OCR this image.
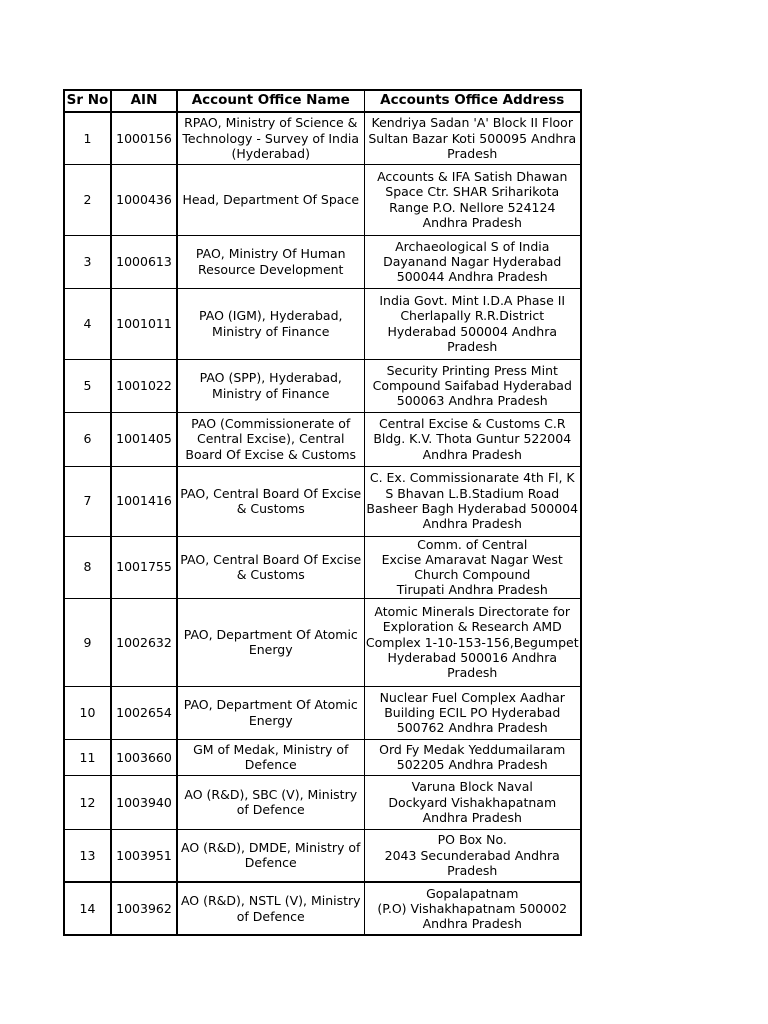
Sr No	AIN	Account Office Name	Accounts Office Address
1	1000156	RPAO, Ministry of Science & Technology - Survey of India (Hyderabad)	Kendriya Sadan 'A' Block II Floor Sultan Bazar Koti 500095 Andhra Pradesh
2	1000436	Head, Department Of Space	Accounts & IFA Satish Dhawan Space Ctr. SHAR Sriharikota Range P.O. Nellore 524124 Andhra Pradesh
3	1000613	PAO, Ministry Of Human Resource Development	Archaeological S of India Dayanand Nagar Hyderabad 500044 Andhra Pradesh
4	1001011	PAO (IGM), Hyderabad, Ministry of Finance	India Govt. Mint I.D.A Phase II Cherlapally R.R.District Hyderabad 500004 Andhra Pradesh
5	1001022	PAO (SPP), Hyderabad, Ministry of Finance	Security Printing Press Mint Compound Saifabad Hyderabad 500063 Andhra Pradesh
6	1001405	PAO (Commissionerate of Central Excise), Central Board Of Excise & Customs	Central Excise & Customs C.R Bldg. K.V. Thota Guntur 522004 Andhra Pradesh
7	1001416	PAO, Central Board Of Excise & Customs	C. Ex. Commissionarate 4th Fl, K S Bhavan L.B.Stadium Road Basheer Bagh Hyderabad 500004 Andhra Pradesh
8	1001755	PAO, Central Board Of Excise & Customs	Comm. of Central
Excise Amaravat Nagar West
Church Compound
Tirupati Andhra Pradesh
9	1002632	PAO, Department Of Atomic Energy	Atomic Minerals Directorate for Exploration & Research AMD Complex 1-10-153-156,Begumpet Hyderabad 500016 Andhra Pradesh
10	1002654	PAO, Department Of Atomic Energy	Nuclear Fuel Complex Aadhar Building ECIL PO Hyderabad 500762 Andhra Pradesh
11	1003660	GM of Medak, Ministry of Defence	Ord Fy Medak Yeddumailaram 502205 Andhra Pradesh
12	1003940	AO (R&D), SBC (V), Ministry of Defence	Varuna Block Naval
Dockyard Vishakhapatnam Andhra Pradesh
13	1003951	AO (R&D), DMDE, Ministry of Defence	PO Box No.
2043 Secunderabad Andhra Pradesh
14	1003962	AO (R&D), NSTL (V), Ministry of Defence	Gopalapatnam
(P.O) Vishakhapatnam 500002
Andhra Pradesh
